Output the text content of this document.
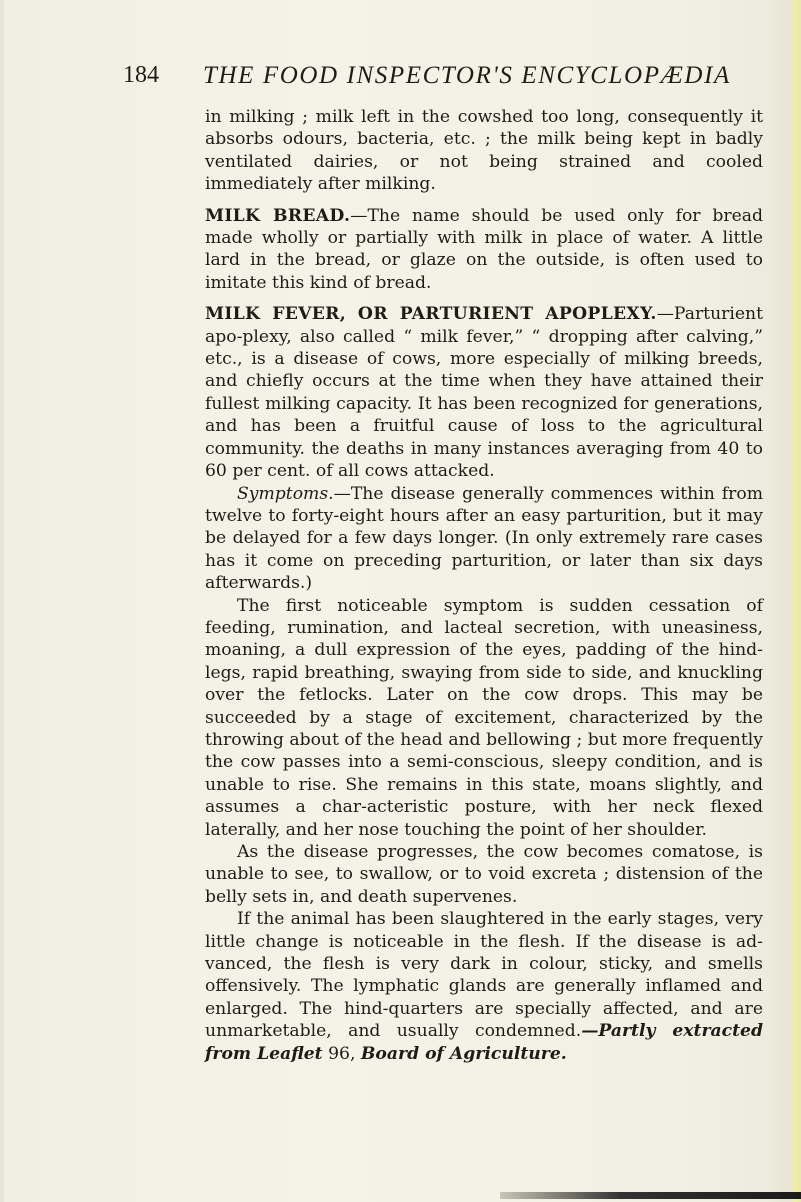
184 THE FOOD INSPECTOR'S ENCYCLOPÆDIA

in milking ; milk left in the cowshed too long, consequently it absorbs odours, bacteria, etc. ; the milk being kept in badly ventilated dairies, or not being strained and cooled immediately after milking.

MILK BREAD.—The name should be used only for bread made wholly or partially with milk in place of water. A little lard in the bread, or glaze on the outside, is often used to imitate this kind of bread.

MILK FEVER, OR PARTURIENT APOPLEXY.—Parturient apo-plexy, also called “ milk fever,” “ dropping after calving,” etc., is a disease of cows, more especially of milking breeds, and chiefly occurs at the time when they have attained their fullest milking capacity. It has been recognized for generations, and has been a fruitful cause of loss to the agricultural community. the deaths in many instances averaging from 40 to 60 per cent. of all cows attacked.

Symptoms.—The disease generally commences within from twelve to forty-eight hours after an easy parturition, but it may be delayed for a few days longer. (In only extremely rare cases has it come on preceding parturition, or later than six days afterwards.)

The first noticeable symptom is sudden cessation of feeding, rumination, and lacteal secretion, with uneasiness, moaning, a dull expression of the eyes, padding of the hind-legs, rapid breathing, swaying from side to side, and knuckling over the fetlocks. Later on the cow drops. This may be succeeded by a stage of excitement, characterized by the throwing about of the head and bellowing ; but more frequently the cow passes into a semi-conscious, sleepy condition, and is unable to rise. She remains in this state, moans slightly, and assumes a char-acteristic posture, with her neck flexed laterally, and her nose touching the point of her shoulder.

As the disease progresses, the cow becomes comatose, is unable to see, to swallow, or to void excreta ; distension of the belly sets in, and death supervenes.

If the animal has been slaughtered in the early stages, very little change is noticeable in the flesh. If the disease is ad-vanced, the flesh is very dark in colour, sticky, and smells offensively. The lymphatic glands are generally inflamed and enlarged. The hind-quarters are specially affected, and are unmarketable, and usually condemned.—Partly extracted from Leaflet 96, Board of Agriculture.
